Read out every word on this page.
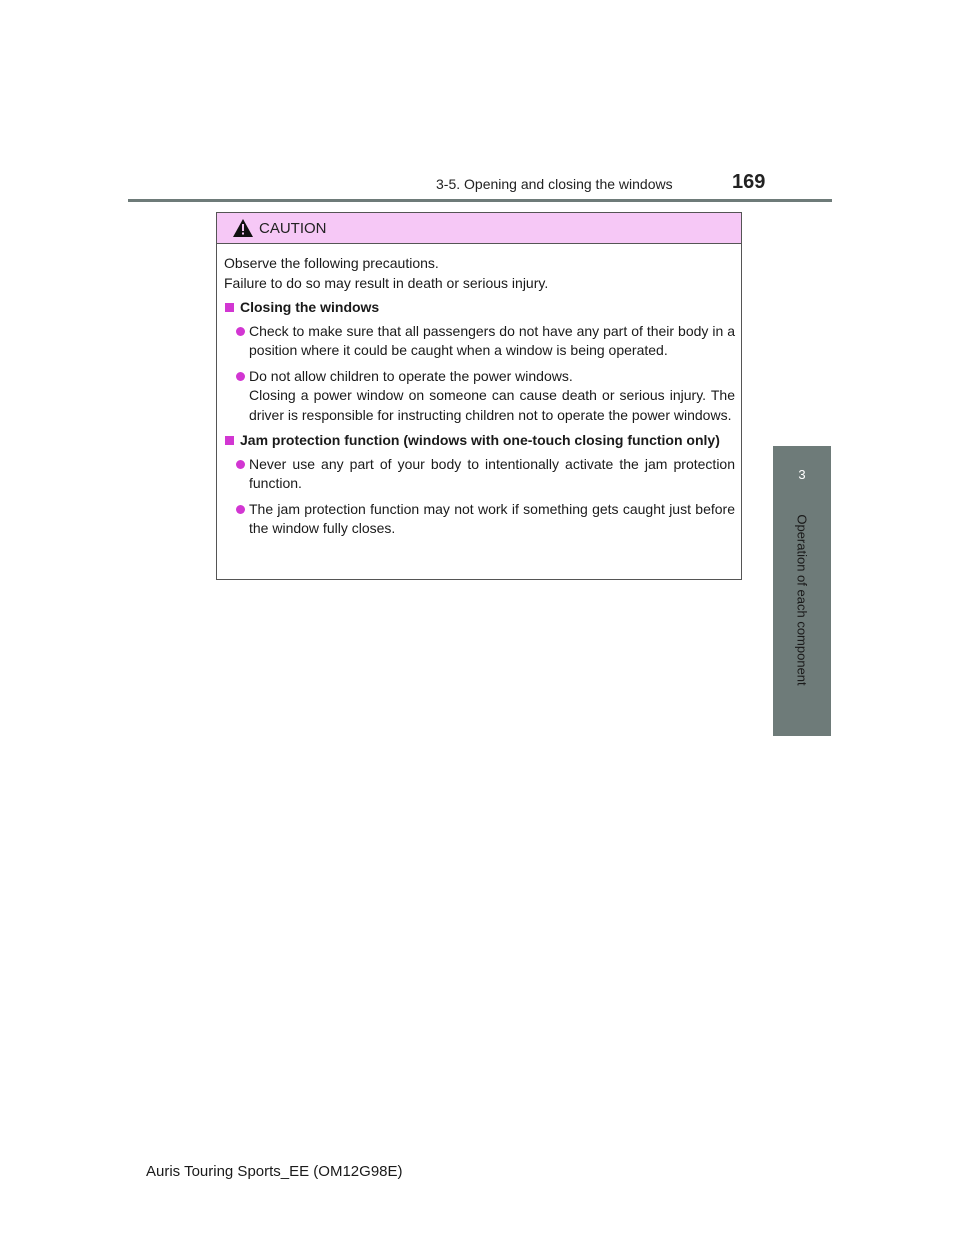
3-5. Opening and closing the windows	169
3
Operation of each component
CAUTION

Observe the following precautions.

Failure to do so may result in death or serious injury.

Closing the windows

Check to make sure that all passengers do not have any part of their body in a position where it could be caught when a window is being operated.

Do not allow children to operate the power windows.
Closing a power window on someone can cause death or serious injury. The driver is responsible for instructing children not to operate the power windows.

Jam protection function (windows with one-touch closing function only)

Never use any part of your body to intentionally activate the jam protection function.

The jam protection function may not work if something gets caught just before the window fully closes.

Auris Touring Sports_EE (OM12G98E)
